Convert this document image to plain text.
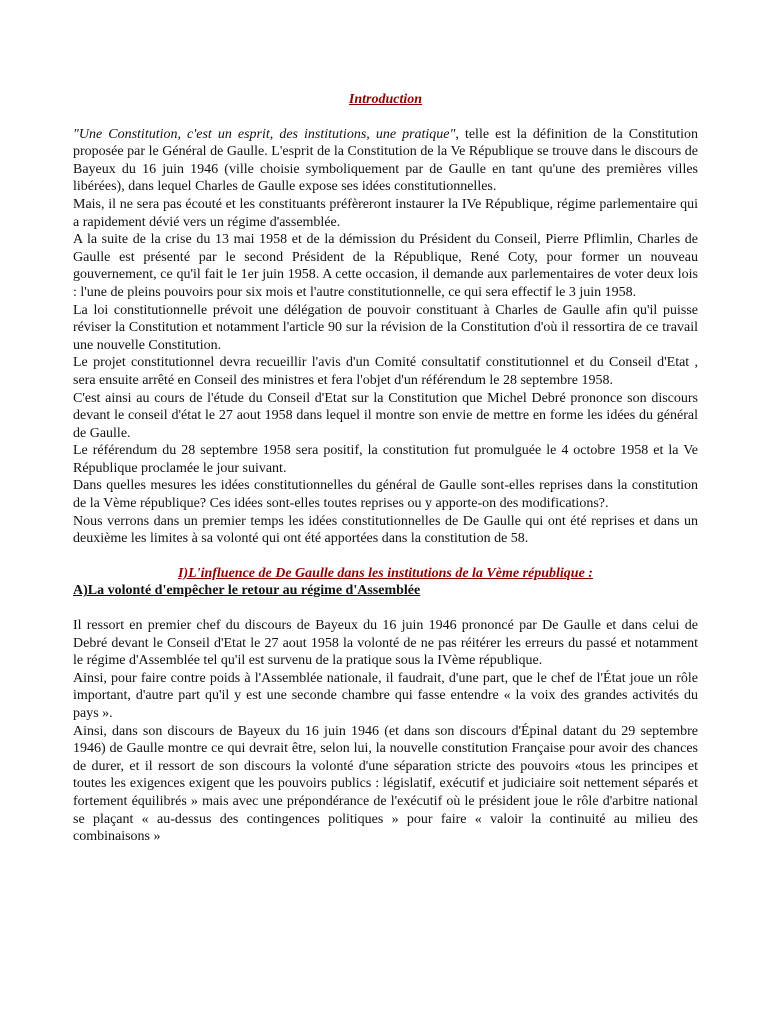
Introduction

"Une Constitution, c'est un esprit, des institutions, une pratique", telle est la définition de la Constitution proposée par le Général de Gaulle. L'esprit de la Constitution de la Ve République se trouve dans le discours de Bayeux du 16 juin 1946 (ville choisie symboliquement par de Gaulle en tant qu'une des premières villes libérées), dans lequel Charles de Gaulle expose ses idées constitutionnelles.

Mais, il ne sera pas écouté et les constituants préfèreront instaurer la IVe République, régime parlementaire qui a rapidement dévié vers un régime d'assemblée.

A la suite de la crise du 13 mai 1958 et de la démission du Président du Conseil, Pierre Pflimlin, Charles de Gaulle est présenté par le second Président de la République, René Coty, pour former un nouveau gouvernement, ce qu'il fait le 1er juin 1958. A cette occasion, il demande aux parlementaires de voter deux lois : l'une de pleins pouvoirs pour six mois et l'autre constitutionnelle, ce qui sera effectif le 3 juin 1958.

La loi constitutionnelle prévoit une délégation de pouvoir constituant à Charles de Gaulle afin qu'il puisse réviser la Constitution et notamment l'article 90 sur la révision de la Constitution d'où il ressortira de ce travail une nouvelle Constitution.

Le projet constitutionnel devra recueillir l'avis d'un Comité consultatif constitutionnel et du Conseil d'Etat , sera ensuite arrêté en Conseil des ministres et fera l'objet d'un référendum le 28 septembre 1958.

C'est ainsi au cours de l'étude du Conseil d'Etat sur la Constitution que Michel Debré prononce son discours devant le conseil d'état le 27 aout 1958 dans lequel il montre son envie de mettre en forme les idées du général de Gaulle.

Le référendum du 28 septembre 1958 sera positif, la constitution fut promulguée le 4 octobre 1958 et la Ve République proclamée le jour suivant.

Dans quelles mesures les idées constitutionnelles du général de Gaulle sont-elles reprises dans la constitution de la Vème république? Ces idées sont-elles toutes reprises ou y apporte-on des modifications?.

Nous verrons dans un premier temps les idées constitutionnelles de De Gaulle qui ont été reprises et dans un deuxième les limites à sa volonté qui ont été apportées dans la constitution de 58.

I)L'influence de De Gaulle dans les institutions de la Vème république :

A)La volonté d'empêcher le retour au régime d'Assemblée

Il ressort en premier chef du discours de Bayeux du 16 juin 1946 prononcé par De Gaulle et dans celui de Debré devant le Conseil d'Etat le 27 aout 1958 la volonté de ne pas réitérer les erreurs du passé et notamment le régime d'Assemblée tel qu'il est survenu de la pratique sous la IVème république.

Ainsi, pour faire contre poids à l'Assemblée nationale, il faudrait, d'une part, que le chef de l'État joue un rôle important, d'autre part qu'il y est une seconde chambre qui fasse entendre « la voix des grandes activités du pays ».

Ainsi, dans son discours de Bayeux du 16 juin 1946 (et dans son discours d'Épinal datant du 29 septembre 1946) de Gaulle montre ce qui devrait être, selon lui, la nouvelle constitution Française pour avoir des chances de durer, et il ressort de son discours la volonté d'une séparation stricte des pouvoirs «tous les principes et toutes les exigences exigent que les pouvoirs publics : législatif, exécutif et judiciaire soit nettement séparés et fortement équilibrés » mais avec une prépondérance de l'exécutif où le président joue le rôle d'arbitre national se plaçant « au-dessus des contingences politiques » pour faire « valoir la continuité au milieu des combinaisons »
